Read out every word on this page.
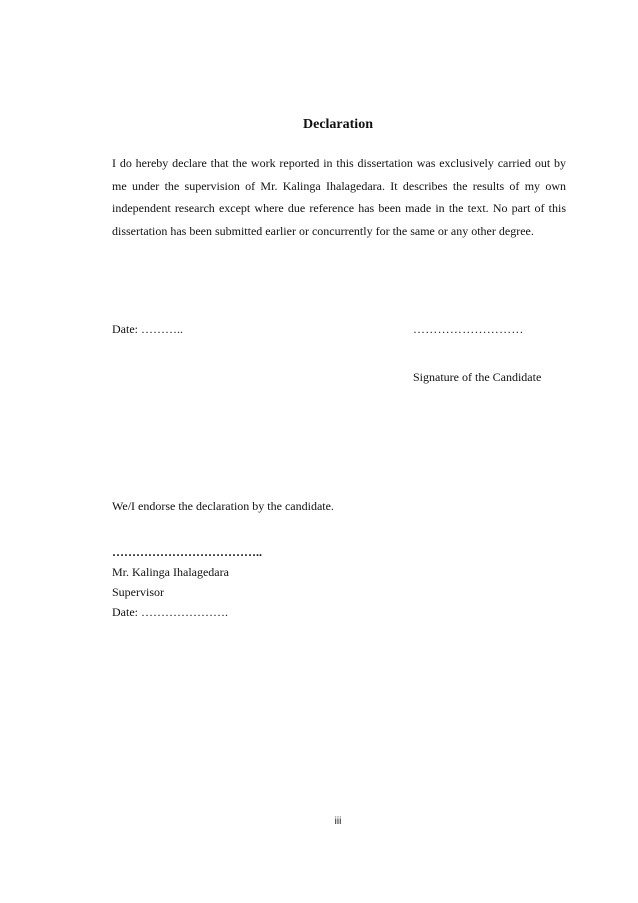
Declaration

I do hereby declare that the work reported in this dissertation was exclusively carried out by me under the supervision of Mr. Kalinga Ihalagedara. It describes the results of my own independent research except where due reference has been made in the text. No part of this dissertation has been submitted earlier or concurrently for the same or any other degree.

Date: ………..	………………………
Signature of the Candidate
We/I endorse the declaration by the candidate.
………………………………..
Mr. Kalinga Ihalagedara
Supervisor
Date: ………………….
iii
